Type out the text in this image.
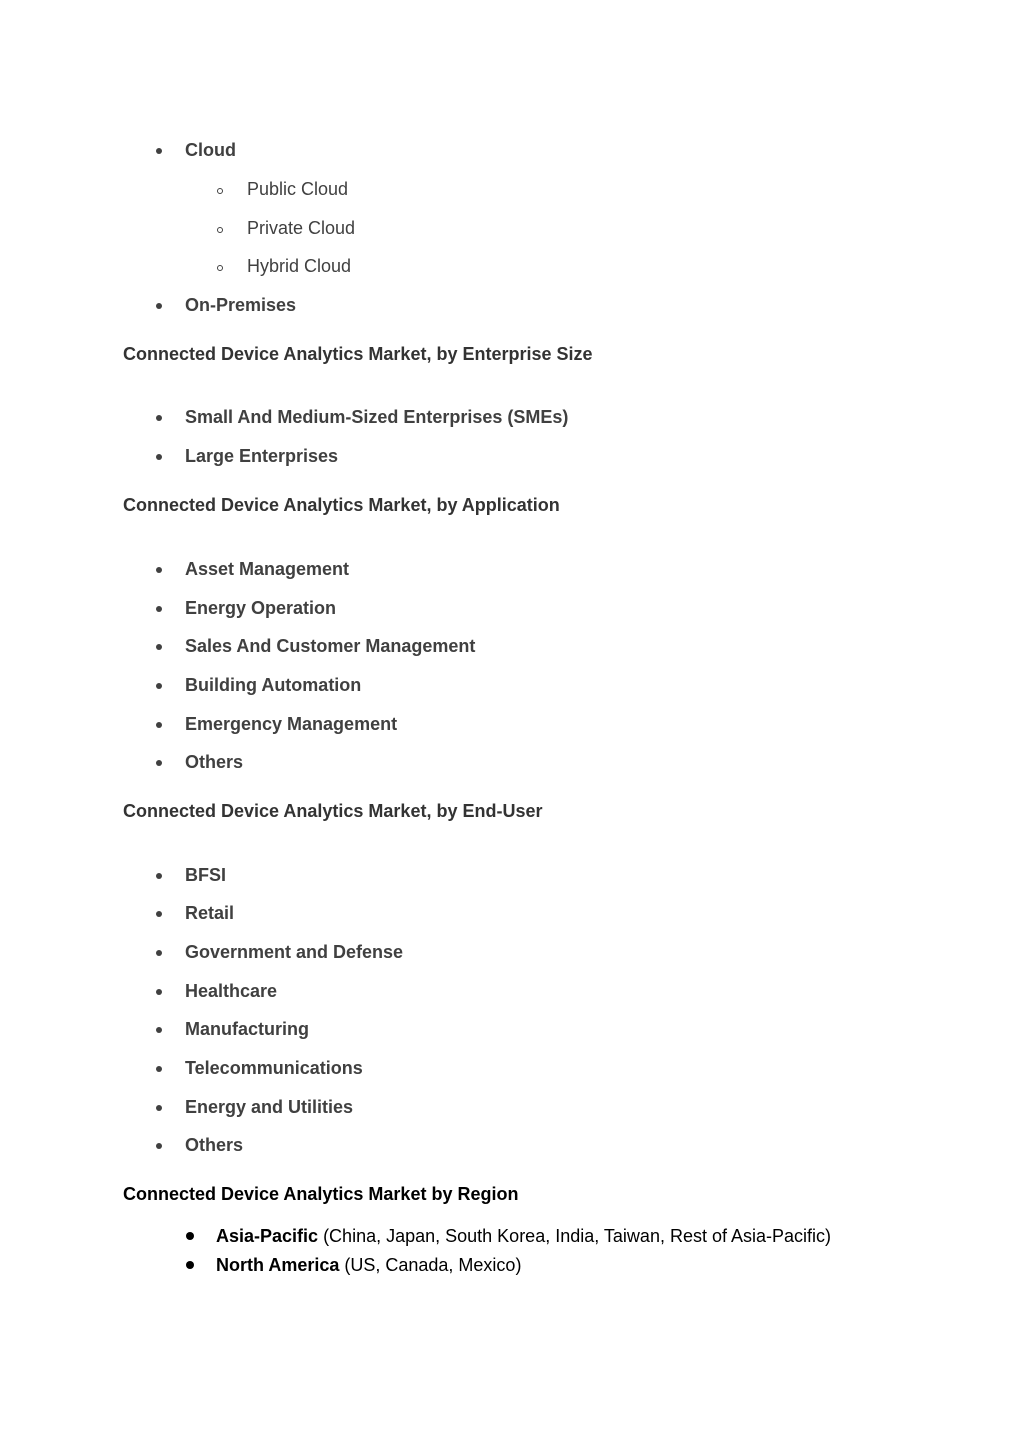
Cloud
Public Cloud
Private Cloud
Hybrid Cloud
On-Premises
Connected Device Analytics Market, by Enterprise Size
Small And Medium-Sized Enterprises (SMEs)
Large Enterprises
Connected Device Analytics Market, by Application
Asset Management
Energy Operation
Sales And Customer Management
Building Automation
Emergency Management
Others
Connected Device Analytics Market, by End-User
BFSI
Retail
Government and Defense
Healthcare
Manufacturing
Telecommunications
Energy and Utilities
Others
Connected Device Analytics Market by Region
Asia-Pacific (China, Japan, South Korea, India, Taiwan, Rest of Asia-Pacific)
North America (US, Canada, Mexico)
